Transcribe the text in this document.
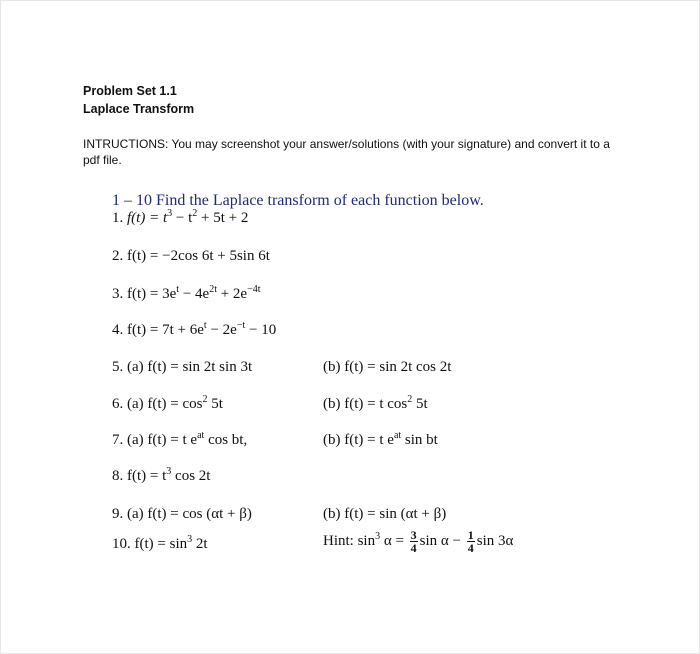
Problem Set 1.1
Laplace Transform
INTRUCTIONS: You may screenshot your answer/solutions (with your signature) and convert it to a pdf file.
1 – 10 Find the Laplace transform of each function below.
1. $f(t) = t^3 - t^2 + 5t + 2$
2. f(t) = −2cos 6t + 5sin 6t
3. $f(t) = 3e^t - 4e^{2t} + 2e^{-4t}$
4. $f(t) = 7t + 6e^t - 2e^{-t} - 10$
5. (a) f(t) = sin 2t sin 3t	(b) f(t) = sin 2t cos 2t
6. (a) $f(t) = \cos^2 5t$	(b) f(t) = t $\cos^2 5t$
7. (a) f(t) = t $e^{at}$ cos bt,	(b) f(t) = t $e^{at}$ sin bt
8. $f(t) = t^3$ cos 2t
9. (a) f(t) = cos (αt + β)	(b) f(t) = sin (αt + β)
10. $f(t) = \sin^3 2t$	Hint: $\sin^3 \alpha = \frac{3}{4}$ $\sin \alpha - \frac{1}{4}$ sin 3α
